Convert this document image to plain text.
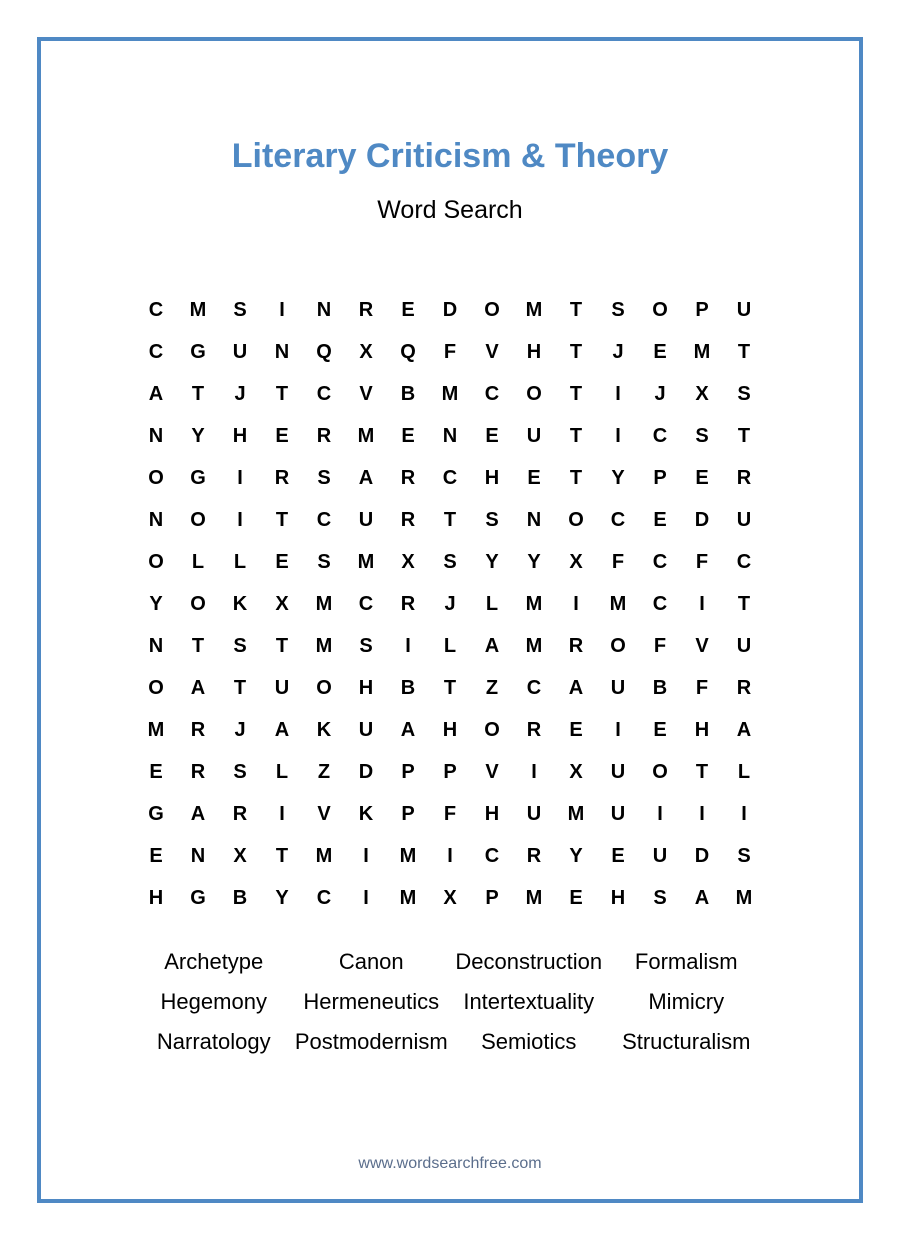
Literary Criticism & Theory
Word Search
C	M	S	I	N	R	E	D	O	M	T	S	O	P	U
C	G	U	N	Q	X	Q	F	V	H	T	J	E	M	T
A	T	J	T	C	V	B	M	C	O	T	I	J	X	S
N	Y	H	E	R	M	E	N	E	U	T	I	C	S	T
O	G	I	R	S	A	R	C	H	E	T	Y	P	E	R
N	O	I	T	C	U	R	T	S	N	O	C	E	D	U
O	L	L	E	S	M	X	S	Y	Y	X	F	C	F	C
Y	O	K	X	M	C	R	J	L	M	I	M	C	I	T
N	T	S	T	M	S	I	L	A	M	R	O	F	V	U
O	A	T	U	O	H	B	T	Z	C	A	U	B	F	R
M	R	J	A	K	U	A	H	O	R	E	I	E	H	A
E	R	S	L	Z	D	P	P	V	I	X	U	O	T	L
G	A	R	I	V	K	P	F	H	U	M	U	I	I	I
E	N	X	T	M	I	M	I	C	R	Y	E	U	D	S
H	G	B	Y	C	I	M	X	P	M	E	H	S	A	M
Archetype	Canon	Deconstruction	Formalism
Hegemony	Hermeneutics	Intertextuality	Mimicry
Narratology	Postmodernism	Semiotics	Structuralism
www.wordsearchfree.com
